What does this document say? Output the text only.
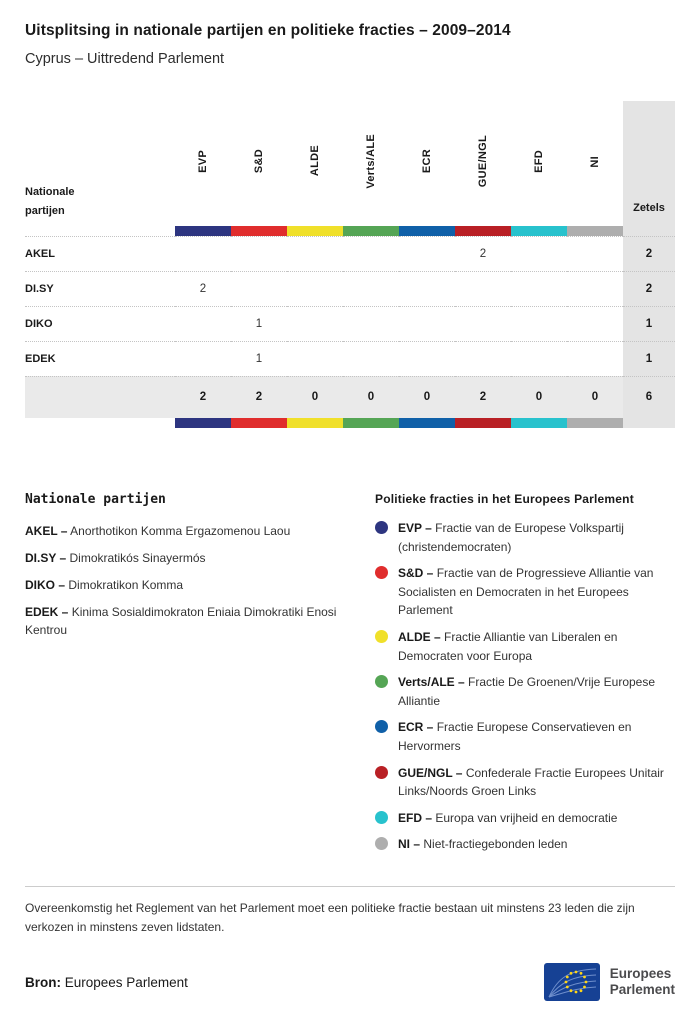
Uitsplitsing in nationale partijen en politieke fracties – 2009–2014
Cyprus – Uittredend Parlement
Nationale partijen	EVP	S&D	ALDE	Verts/ALE	ECR	GUE/NGL	EFD	NI	Zetels

AKEL						2			2
DI.SY	2								2
DIKO		1							1
EDEK		1							1
	2	2	0	0	0	2	0	0	6

Nationale partijen

AKEL – Anorthotikon Komma Ergazomenou Laou

DI.SY – Dimokratikós Sinayermós

DIKO – Dimokratikon Komma

EDEK – Kinima Sosialdimokraton Eniaia Dimokratiki Enosi Kentrou

Politieke fracties in het Europees Parlement
EVP – Fractie van de Europese Volkspartij (christendemocraten)
S&D – Fractie van de Progressieve Alliantie van Socialisten en Democraten in het Europees Parlement
ALDE – Fractie Alliantie van Liberalen en Democraten voor Europa
Verts/ALE – Fractie De Groenen/Vrije Europese Alliantie
ECR – Fractie Europese Conservatieven en Hervormers
GUE/NGL – Confederale Fractie Europees Unitair Links/Noords Groen Links
EFD – Europa van vrijheid en democratie
NI – Niet-fractiegebonden leden

Overeenkomstig het Reglement van het Parlement moet een politieke fractie bestaan uit minstens 23 leden die zijn verkozen in minstens zeven lidstaten.

Bron: Europees Parlement

Europees
Parlement
